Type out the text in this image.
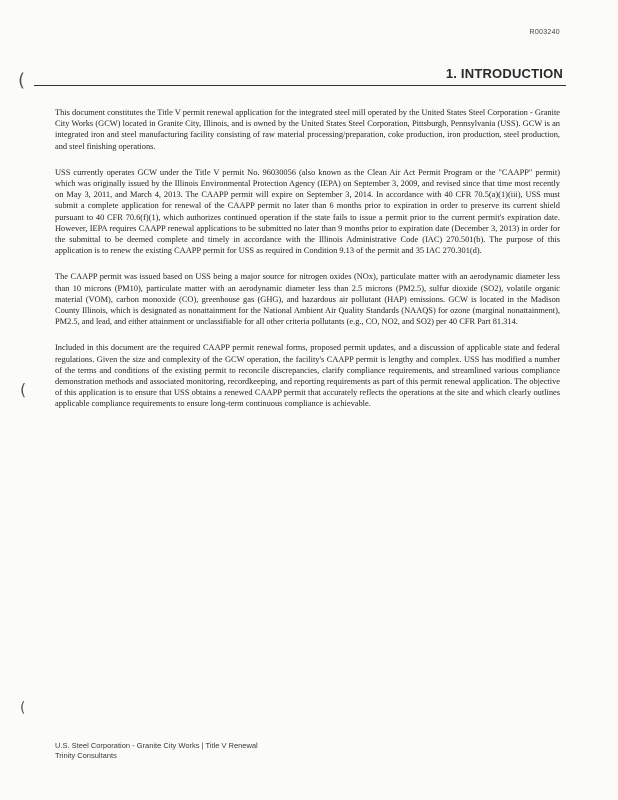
R003240
(
(
(
1. INTRODUCTION

This document constitutes the Title V permit renewal application for the integrated steel mill operated by the United States Steel Corporation - Granite City Works (GCW) located in Granite City, Illinois, and is owned by the United States Steel Corporation, Pittsburgh, Pennsylvania (USS). GCW is an integrated iron and steel manufacturing facility consisting of raw material processing/preparation, coke production, iron production, steel production, and steel finishing operations.

USS currently operates GCW under the Title V permit No. 96030056 (also known as the Clean Air Act Permit Program or the "CAAPP" permit) which was originally issued by the Illinois Environmental Protection Agency (IEPA) on September 3, 2009, and revised since that time most recently on May 3, 2011, and March 4, 2013. The CAAPP permit will expire on September 3, 2014. In accordance with 40 CFR 70.5(a)(1)(iii), USS must submit a complete application for renewal of the CAAPP permit no later than 6 months prior to expiration in order to preserve its current shield pursuant to 40 CFR 70.6(f)(1), which authorizes continued operation if the state fails to issue a permit prior to the current permit's expiration date. However, IEPA requires CAAPP renewal applications to be submitted no later than 9 months prior to expiration date (December 3, 2013) in order for the submittal to be deemed complete and timely in accordance with the Illinois Administrative Code (IAC) 270.501(b). The purpose of this application is to renew the existing CAAPP permit for USS as required in Condition 9.13 of the permit and 35 IAC 270.301(d).

The CAAPP permit was issued based on USS being a major source for nitrogen oxides (NOx), particulate matter with an aerodynamic diameter less than 10 microns (PM10), particulate matter with an aerodynamic diameter less than 2.5 microns (PM2.5), sulfur dioxide (SO2), volatile organic material (VOM), carbon monoxide (CO), greenhouse gas (GHG), and hazardous air pollutant (HAP) emissions. GCW is located in the Madison County Illinois, which is designated as nonattainment for the National Ambient Air Quality Standards (NAAQS) for ozone (marginal nonattainment), PM2.5, and lead, and either attainment or unclassifiable for all other criteria pollutants (e.g., CO, NO2, and SO2) per 40 CFR Part 81.314.

Included in this document are the required CAAPP permit renewal forms, proposed permit updates, and a discussion of applicable state and federal regulations. Given the size and complexity of the GCW operation, the facility's CAAPP permit is lengthy and complex. USS has modified a number of the terms and conditions of the existing permit to reconcile discrepancies, clarify compliance requirements, and streamlined various compliance demonstration methods and associated monitoring, recordkeeping, and reporting requirements as part of this permit renewal application. The objective of this application is to ensure that USS obtains a renewed CAAPP permit that accurately reflects the operations at the site and which clearly outlines applicable compliance requirements to ensure long-term continuous compliance is achievable.

U.S. Steel Corporation - Granite City Works | Title V Renewal
Trinity Consultants
